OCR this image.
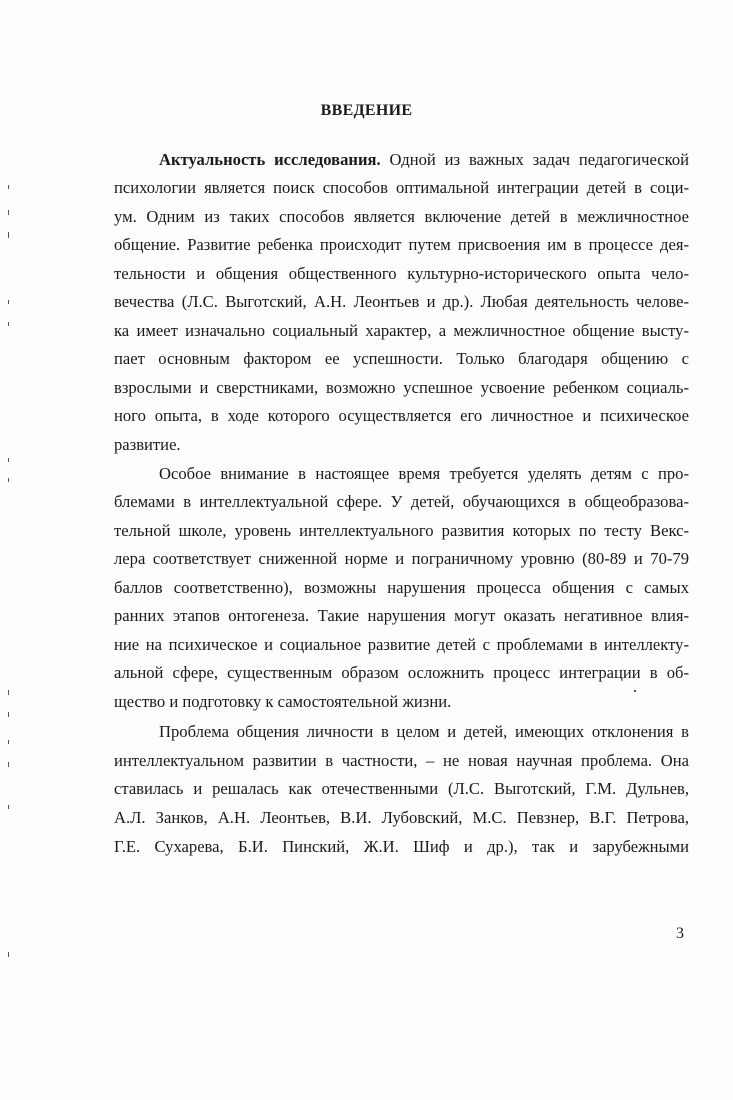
ВВЕДЕНИЕ
Актуальность исследования. Одной из важных задач педагогической
психологии является поиск способов оптимальной интеграции детей в соци-
ум. Одним из таких способов является включение детей в межличностное
общение. Развитие ребенка происходит путем присвоения им в процессе дея-
тельности и общения общественного культурно-исторического опыта чело-
вечества (Л.С. Выготский, А.Н. Леонтьев и др.). Любая деятельность челове-
ка имеет изначально социальный характер, а межличностное общение высту-
пает основным фактором ее успешности. Только благодаря общению с
взрослыми и сверстниками, возможно успешное усвоение ребенком социаль-
ного опыта, в ходе которого осуществляется его личностное и психическое
развитие.
Особое внимание в настоящее время требуется уделять детям с про-
блемами в интеллектуальной сфере. У детей, обучающихся в общеобразова-
тельной школе, уровень интеллектуального развития которых по тесту Векс-
лера соответствует сниженной норме и пограничному уровню (80-89 и 70-79
баллов соответственно), возможны нарушения процесса общения с самых
ранних этапов онтогенеза. Такие нарушения могут оказать негативное влия-
ние на психическое и социальное развитие детей с проблемами в интеллекту-
альной сфере, существенным образом осложнить процесс интеграции в об-
щество и подготовку к самостоятельной жизни.
Проблема общения личности в целом и детей, имеющих отклонения в
интеллектуальном развитии в частности, – не новая научная проблема. Она
ставилась и решалась как отечественными (Л.С. Выготский, Г.М. Дульнев,
А.Л. Занков, А.Н. Леонтьев, В.И. Лубовский, М.С. Певзнер, В.Г. Петрова,
Г.Е. Сухарева, Б.И. Пинский, Ж.И. Шиф и др.), так и зарубежными
3
